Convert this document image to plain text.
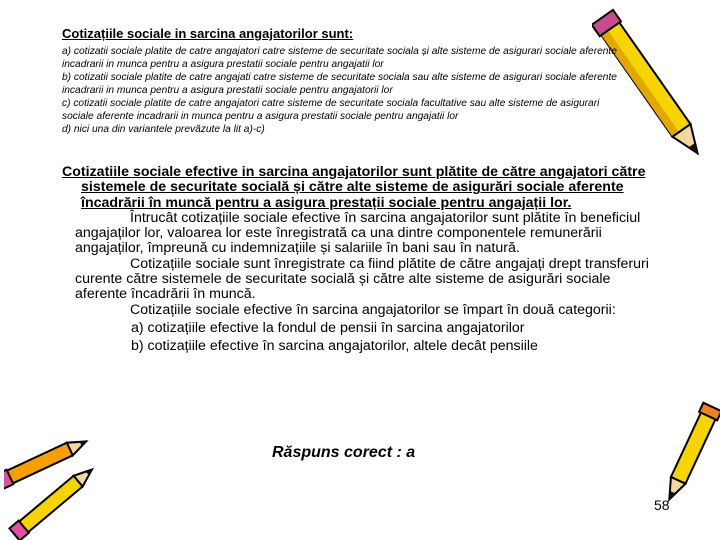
Cotizațiile sociale in sarcina angajatorilor sunt:
a) cotizatii sociale platite de catre angajatori catre sisteme de securitate sociala și alte sisteme de asigurari sociale aferente incadrarii in munca pentru a asigura prestatii sociale pentru angajatii lor
b) cotizatii sociale platite de catre angajati catre sisteme de securitate sociala sau alte sisteme de asigurari sociale aferente incadrarii in munca pentru a asigura prestatii sociale pentru angajatorii lor
c) cotizatii sociale platite de catre angajatori catre sisteme de securitate sociala facultative sau alte sisteme de asigurari sociale aferente incadrarii in munca pentru a asigura prestatii sociale pentru angajatii lor
d) nici una din variantele prevăzute la lit a)-c)
Cotizatiile sociale efective in sarcina angajatorilor sunt plătite de către angajatori către sistemele de securitate socială și către alte sisteme de asigurări sociale aferente încadrării în muncă pentru a asigura prestații sociale pentru angajații lor.
Întrucât cotizațiile sociale efective în sarcina angajatorilor sunt plătite în beneficiul angajaților lor, valoarea lor este înregistrată ca una dintre componentele remunerării angajaților, împreună cu indemnizațiile și salariile în bani sau în natură.
Cotizațiile sociale sunt înregistrate ca fiind plătite de către angajați drept transferuri curente către sistemele de securitate socială și către alte sisteme de asigurări sociale aferente încadrării în muncă.
Cotizațiile sociale efective în sarcina angajatorilor se împart în două categorii:
a) cotizațiile efective la fondul de pensii în sarcina angajatorilor
b) cotizațiile efective în sarcina angajatorilor, altele decât pensiile
Răspuns corect : a
58
